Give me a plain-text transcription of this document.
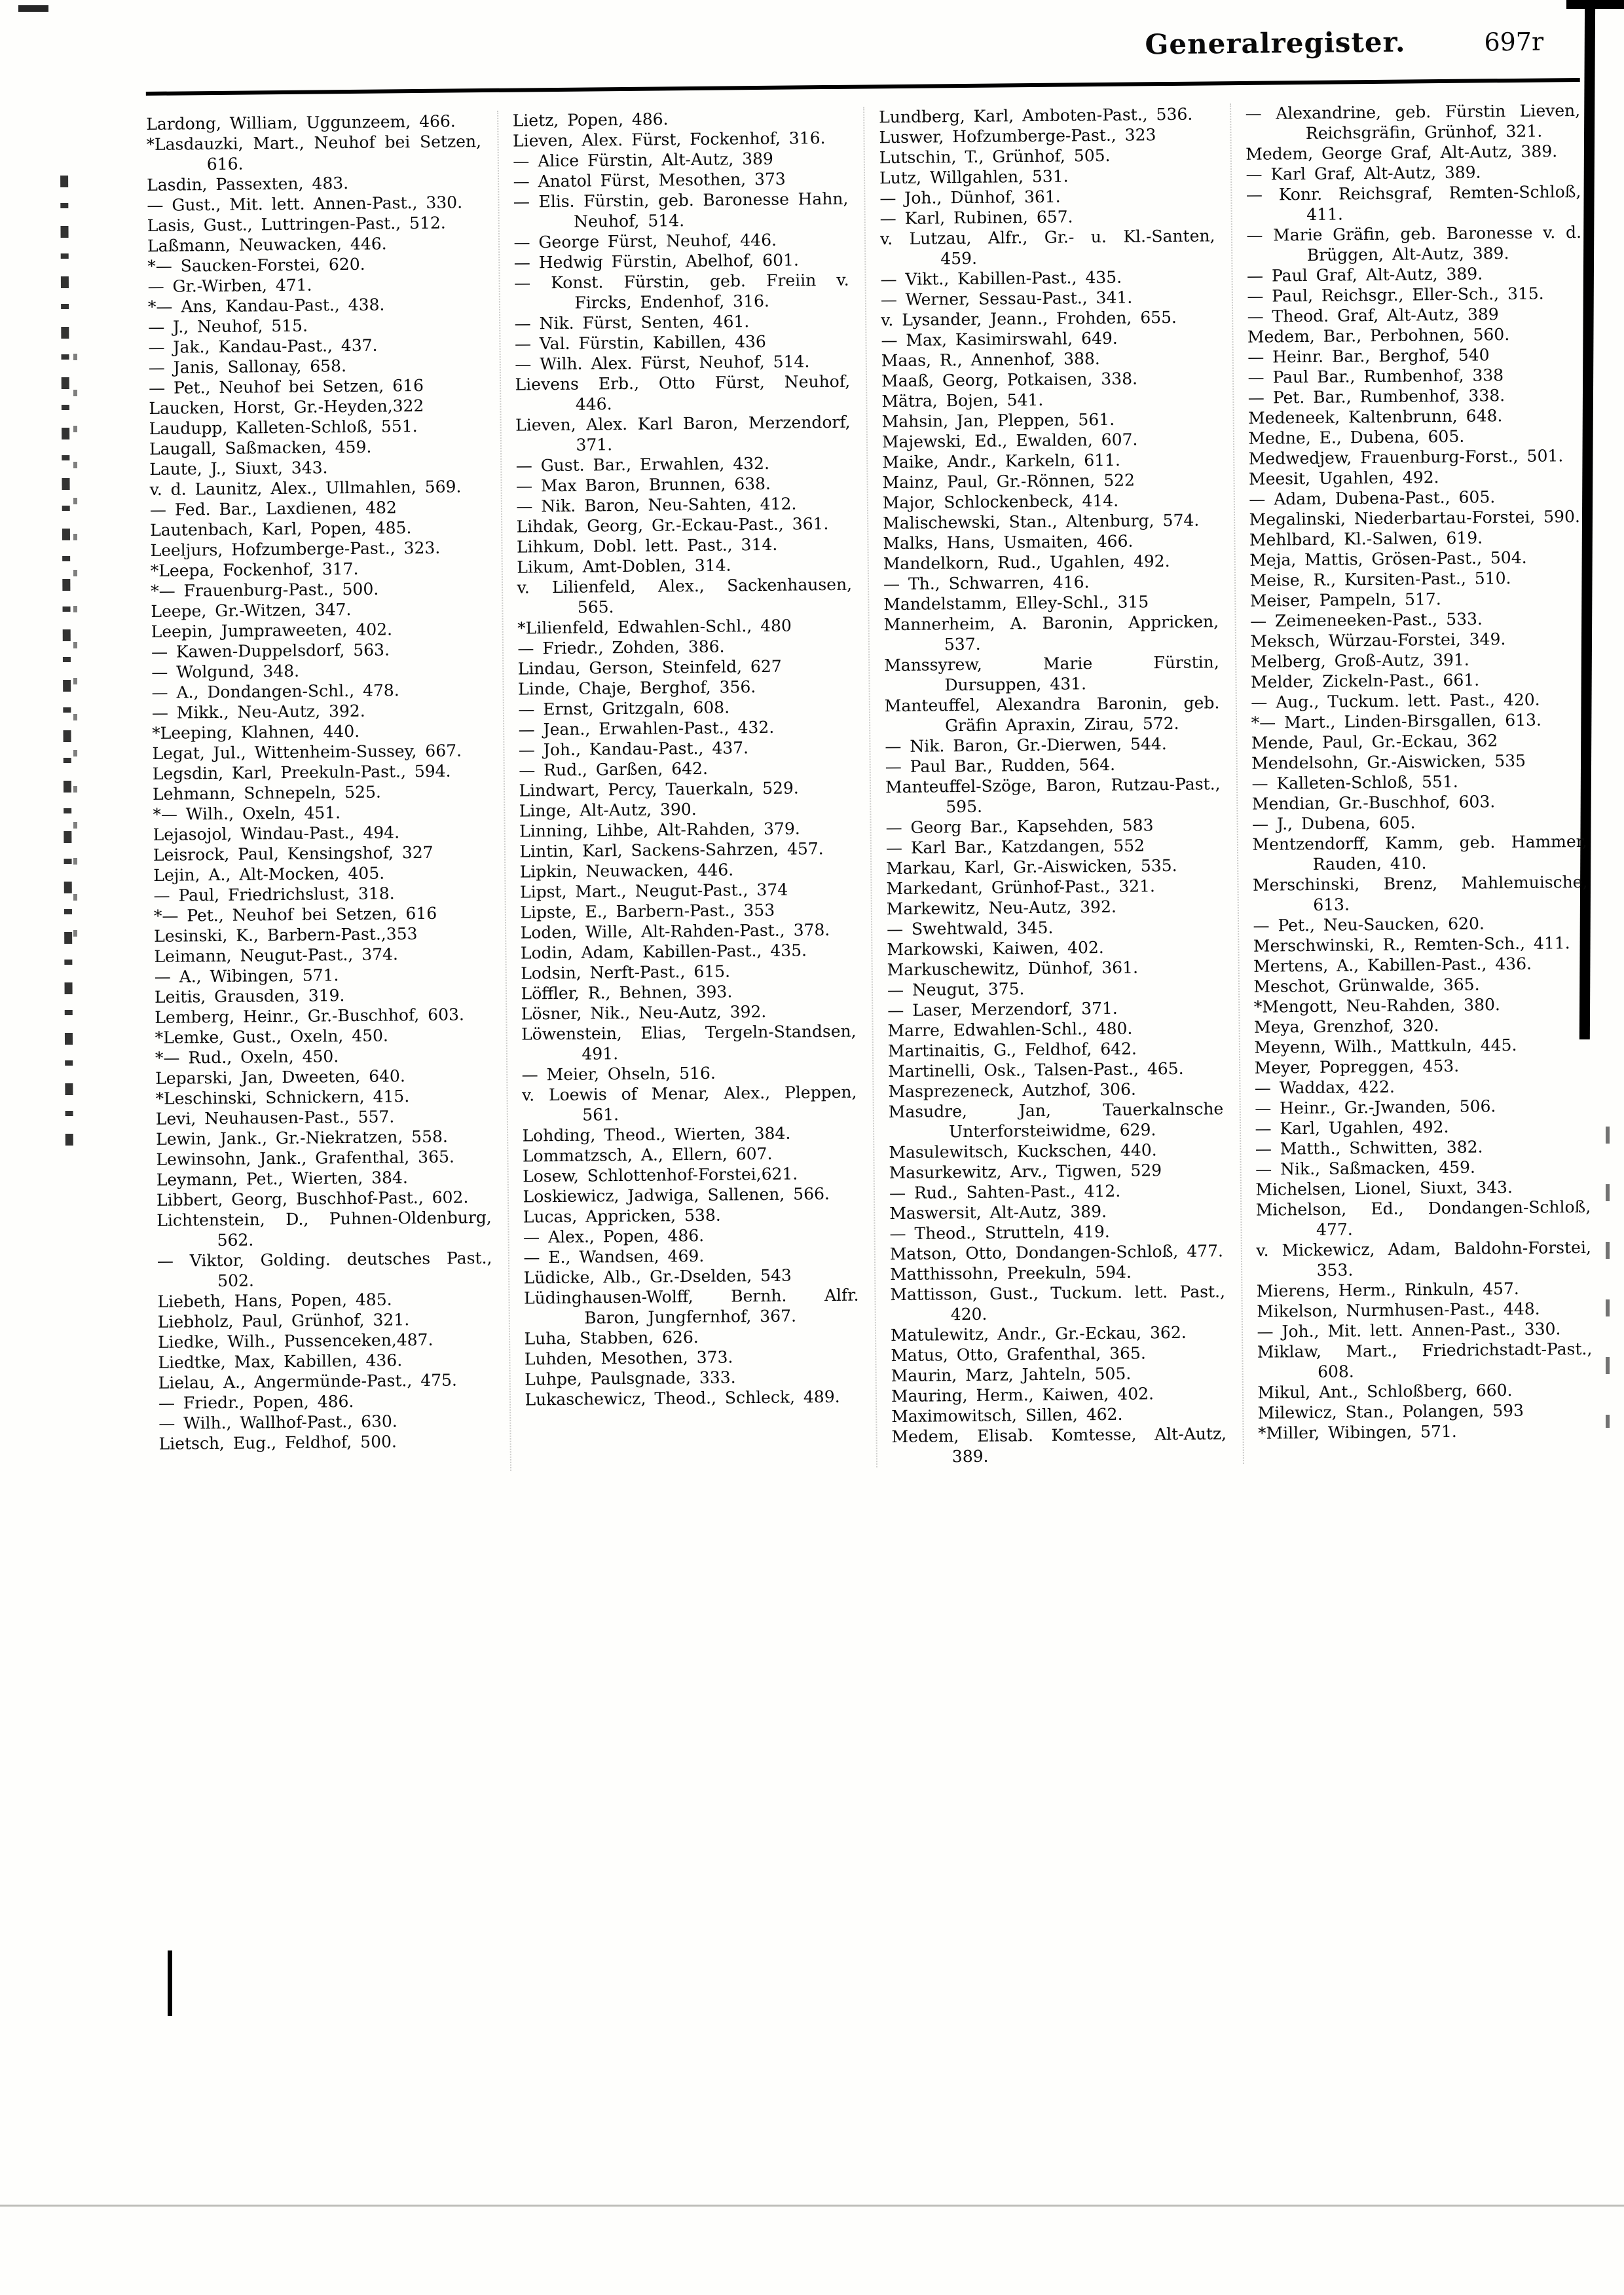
Generalregister.	697r

Lardong, William, Uggunzeem, 466.

*Lasdauzki, Mart., Neuhof bei Setzen, 616.

Lasdin, Passexten, 483.

— Gust., Mit. lett. Annen-Past., 330.

Lasis, Gust., Luttringen-Past., 512.

Laßmann, Neuwacken, 446.

*— Saucken-Forstei, 620.

— Gr.-Wirben, 471.

*— Ans, Kandau-Past., 438.

— J., Neuhof, 515.

— Jak., Kandau-Past., 437.

— Janis, Sallonay, 658.

— Pet., Neuhof bei Setzen, 616

Laucken, Horst, Gr.-Heyden,322

Laudupp, Kalleten-Schloß, 551.

Laugall, Saßmacken, 459.

Laute, J., Siuxt, 343.

v. d. Launitz, Alex., Ullmahlen, 569.

— Fed. Bar., Laxdienen, 482

Lautenbach, Karl, Popen, 485.

Leeljurs, Hofzumberge-Past., 323.

*Leepa, Fockenhof, 317.

*— Frauenburg-Past., 500.

Leepe, Gr.-Witzen, 347.

Leepin, Jumpraweeten, 402.

— Kawen-Duppelsdorf, 563.

— Wolgund, 348.

— A., Dondangen-Schl., 478.

— Mikk., Neu-Autz, 392.

*Leeping, Klahnen, 440.

Legat, Jul., Wittenheim-Sussey, 667.

Legsdin, Karl, Preekuln-Past., 594.

Lehmann, Schnepeln, 525.

*— Wilh., Oxeln, 451.

Lejasojol, Windau-Past., 494.

Leisrock, Paul, Kensingshof, 327

Lejin, A., Alt-Mocken, 405.

— Paul, Friedrichslust, 318.

*— Pet., Neuhof bei Setzen, 616

Lesinski, K., Barbern-Past.,353

Leimann, Neugut-Past., 374.

— A., Wibingen, 571.

Leitis, Grausden, 319.

Lemberg, Heinr., Gr.-Buschhof, 603.

*Lemke, Gust., Oxeln, 450.

*— Rud., Oxeln, 450.

Leparski, Jan, Dweeten, 640.

*Leschinski, Schnickern, 415.

Levi, Neuhausen-Past., 557.

Lewin, Jank., Gr.-Niekratzen, 558.

Lewinsohn, Jank., Grafenthal, 365.

Leymann, Pet., Wierten, 384.

Libbert, Georg, Buschhof-Past., 602.

Lichtenstein, D., Puhnen-Oldenburg, 562.

— Viktor, Golding. deutsches Past., 502.

Liebeth, Hans, Popen, 485.

Liebholz, Paul, Grünhof, 321.

Liedke, Wilh., Pussenceken,487.

Liedtke, Max, Kabillen, 436.

Lielau, A., Angermünde-Past., 475.

— Friedr., Popen, 486.

— Wilh., Wallhof-Past., 630.

Lietsch, Eug., Feldhof, 500.

Lietz, Popen, 486.

Lieven, Alex. Fürst, Fockenhof, 316.

— Alice Fürstin, Alt-Autz, 389

— Anatol Fürst, Mesothen, 373

— Elis. Fürstin, geb. Baronesse Hahn, Neuhof, 514.

— George Fürst, Neuhof, 446.

— Hedwig Fürstin, Abelhof, 601.

— Konst. Fürstin, geb. Freiin v. Fircks, Endenhof, 316.

— Nik. Fürst, Senten, 461.

— Val. Fürstin, Kabillen, 436

— Wilh. Alex. Fürst, Neuhof, 514.

Lievens Erb., Otto Fürst, Neuhof, 446.

Lieven, Alex. Karl Baron, Merzendorf, 371.

— Gust. Bar., Erwahlen, 432.

— Max Baron, Brunnen, 638.

— Nik. Baron, Neu-Sahten, 412.

Lihdak, Georg, Gr.-Eckau-Past., 361.

Lihkum, Dobl. lett. Past., 314.

Likum, Amt-Doblen, 314.

v. Lilienfeld, Alex., Sackenhausen, 565.

*Lilienfeld, Edwahlen-Schl., 480

— Friedr., Zohden, 386.

Lindau, Gerson, Steinfeld, 627

Linde, Chaje, Berghof, 356.

— Ernst, Gritzgaln, 608.

— Jean., Erwahlen-Past., 432.

— Joh., Kandau-Past., 437.

— Rud., Garßen, 642.

Lindwart, Percy, Tauerkaln, 529.

Linge, Alt-Autz, 390.

Linning, Lihbe, Alt-Rahden, 379.

Lintin, Karl, Sackens-Sahrzen, 457.

Lipkin, Neuwacken, 446.

Lipst, Mart., Neugut-Past., 374

Lipste, E., Barbern-Past., 353

Loden, Wille, Alt-Rahden-Past., 378.

Lodin, Adam, Kabillen-Past., 435.

Lodsin, Nerft-Past., 615.

Löffler, R., Behnen, 393.

Lösner, Nik., Neu-Autz, 392.

Löwenstein, Elias, Tergeln-Standsen, 491.

— Meier, Ohseln, 516.

v. Loewis of Menar, Alex., Pleppen, 561.

Lohding, Theod., Wierten, 384.

Lommatzsch, A., Ellern, 607.

Losew, Schlottenhof-Forstei,621.

Loskiewicz, Jadwiga, Sallenen, 566.

Lucas, Appricken, 538.

— Alex., Popen, 486.

— E., Wandsen, 469.

Lüdicke, Alb., Gr.-Dselden, 543

Lüdinghausen-Wolff, Bernh. Alfr. Baron, Jungfernhof, 367.

Luha, Stabben, 626.

Luhden, Mesothen, 373.

Luhpe, Paulsgnade, 333.

Lukaschewicz, Theod., Schleck, 489.

Lundberg, Karl, Amboten-Past., 536.

Luswer, Hofzumberge-Past., 323

Lutschin, T., Grünhof, 505.

Lutz, Willgahlen, 531.

— Joh., Dünhof, 361.

— Karl, Rubinen, 657.

v. Lutzau, Alfr., Gr.- u. Kl.-Santen, 459.

— Vikt., Kabillen-Past., 435.

— Werner, Sessau-Past., 341.

v. Lysander, Jeann., Frohden, 655.

— Max, Kasimirswahl, 649.

Maas, R., Annenhof, 388.

Maaß, Georg, Potkaisen, 338.

Mätra, Bojen, 541.

Mahsin, Jan, Pleppen, 561.

Majewski, Ed., Ewalden, 607.

Maike, Andr., Karkeln, 611.

Mainz, Paul, Gr.-Rönnen, 522

Major, Schlockenbeck, 414.

Malischewski, Stan., Altenburg, 574.

Malks, Hans, Usmaiten, 466.

Mandelkorn, Rud., Ugahlen, 492.

— Th., Schwarren, 416.

Mandelstamm, Elley-Schl., 315

Mannerheim, A. Baronin, Appricken, 537.

Manssyrew, Marie Fürstin, Dursuppen, 431.

Manteuffel, Alexandra Baronin, geb. Gräfin Apraxin, Zirau, 572.

— Nik. Baron, Gr.-Dierwen, 544.

— Paul Bar., Rudden, 564.

Manteuffel-Szöge, Baron, Rutzau-Past., 595.

— Georg Bar., Kapsehden, 583

— Karl Bar., Katzdangen, 552

Markau, Karl, Gr.-Aiswicken, 535.

Markedant, Grünhof-Past., 321.

Markewitz, Neu-Autz, 392.

— Swehtwald, 345.

Markowski, Kaiwen, 402.

Markuschewitz, Dünhof, 361.

— Neugut, 375.

— Laser, Merzendorf, 371.

Marre, Edwahlen-Schl., 480.

Martinaitis, G., Feldhof, 642.

Martinelli, Osk., Talsen-Past., 465.

Masprezeneck, Autzhof, 306.

Masudre, Jan, Tauerkalnsche Unterforsteiwidme, 629.

Masulewitsch, Kuckschen, 440.

Masurkewitz, Arv., Tigwen, 529

— Rud., Sahten-Past., 412.

Maswersit, Alt-Autz, 389.

— Theod., Strutteln, 419.

Matson, Otto, Dondangen-Schloß, 477.

Matthissohn, Preekuln, 594.

Mattisson, Gust., Tuckum. lett. Past., 420.

Matulewitz, Andr., Gr.-Eckau, 362.

Matus, Otto, Grafenthal, 365.

Maurin, Marz, Jahteln, 505.

Mauring, Herm., Kaiwen, 402.

Maximowitsch, Sillen, 462.

Medem, Elisab. Komtesse, Alt-Autz, 389.

— Alexandrine, geb. Fürstin Lieven, Reichsgräfin, Grünhof, 321.

Medem, George Graf, Alt-Autz, 389.

— Karl Graf, Alt-Autz, 389.

— Konr. Reichsgraf, Remten-Schloß, 411.

— Marie Gräfin, geb. Baronesse v. d. Brüggen, Alt-Autz, 389.

— Paul Graf, Alt-Autz, 389.

— Paul, Reichsgr., Eller-Sch., 315.

— Theod. Graf, Alt-Autz, 389

Medem, Bar., Perbohnen, 560.

— Heinr. Bar., Berghof, 540

— Paul Bar., Rumbenhof, 338

— Pet. Bar., Rumbenhof, 338.

Medeneek, Kaltenbrunn, 648.

Medne, E., Dubena, 605.

Medwedjew, Frauenburg-Forst., 501.

Meesit, Ugahlen, 492.

— Adam, Dubena-Past., 605.

Megalinski, Niederbartau-Forstei, 590.

Mehlbard, Kl.-Salwen, 619.

Meja, Mattis, Grösen-Past., 504.

Meise, R., Kursiten-Past., 510.

Meiser, Pampeln, 517.

— Zeimeneeken-Past., 533.

Meksch, Würzau-Forstei, 349.

Melberg, Groß-Autz, 391.

Melder, Zickeln-Past., 661.

— Aug., Tuckum. lett. Past., 420.

*— Mart., Linden-Birsgallen, 613.

Mende, Paul, Gr.-Eckau, 362

Mendelsohn, Gr.-Aiswicken, 535

— Kalleten-Schloß, 551.

Mendian, Gr.-Buschhof, 603.

— J., Dubena, 605.

Mentzendorff, Kamm, geb. Hammer, Rauden, 410.

Merschinski, Brenz, Mahlemuische, 613.

— Pet., Neu-Saucken, 620.

Merschwinski, R., Remten-Sch., 411.

Mertens, A., Kabillen-Past., 436.

Meschot, Grünwalde, 365.

*Mengott, Neu-Rahden, 380.

Meya, Grenzhof, 320.

Meyenn, Wilh., Mattkuln, 445.

Meyer, Popreggen, 453.

— Waddax, 422.

— Heinr., Gr.-Jwanden, 506.

— Karl, Ugahlen, 492.

— Matth., Schwitten, 382.

— Nik., Saßmacken, 459.

Michelsen, Lionel, Siuxt, 343.

Michelson, Ed., Dondangen-Schloß, 477.

v. Mickewicz, Adam, Baldohn-Forstei, 353.

Mierens, Herm., Rinkuln, 457.

Mikelson, Nurmhusen-Past., 448.

— Joh., Mit. lett. Annen-Past., 330.

Miklaw, Mart., Friedrichstadt-Past., 608.

Mikul, Ant., Schloßberg, 660.

Milewicz, Stan., Polangen, 593

*Miller, Wibingen, 571.
